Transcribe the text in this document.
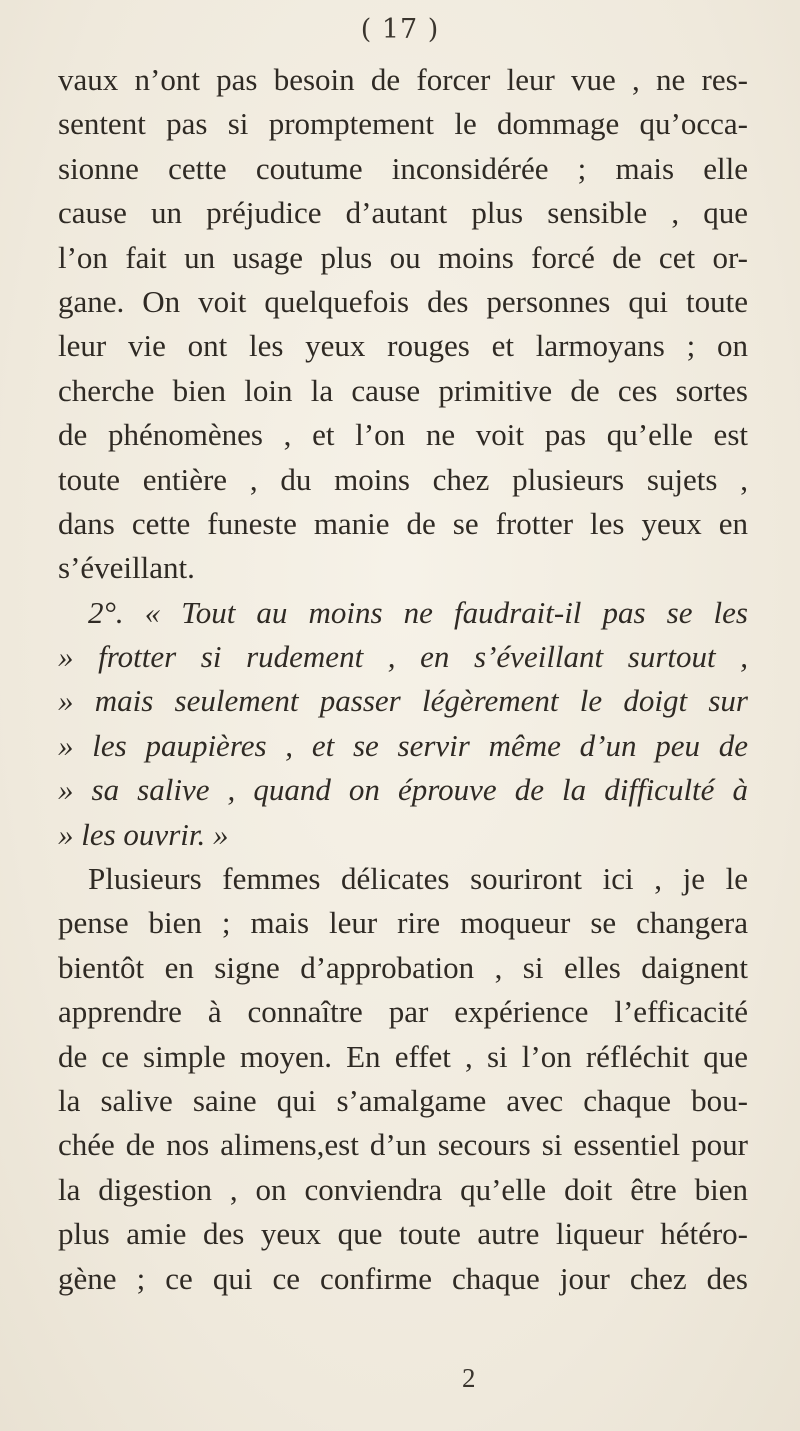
( 17 )
vaux n’ont pas besoin de forcer leur vue , ne res-
sentent pas si promptement le dommage qu’occa-
sionne cette coutume inconsidérée ; mais elle
cause un préjudice d’autant plus sensible , que
l’on fait un usage plus ou moins forcé de cet or-
gane. On voit quelquefois des personnes qui toute
leur vie ont les yeux rouges et larmoyans ; on
cherche bien loin la cause primitive de ces sortes
de phénomènes , et l’on ne voit pas qu’elle est
toute entière , du moins chez plusieurs sujets ,
dans cette funeste manie de se frotter les yeux en
s’éveillant.
2°. « Tout au moins ne faudrait-il pas se les
» frotter si rudement , en s’éveillant surtout ,
» mais seulement passer légèrement le doigt sur
» les paupières , et se servir même d’un peu de
» sa salive , quand on éprouve de la difficulté à
» les ouvrir. »
Plusieurs femmes délicates souriront ici , je le
pense bien ; mais leur rire moqueur se changera
bientôt en signe d’approbation , si elles daignent
apprendre à connaître par expérience l’efficacité
de ce simple moyen. En effet , si l’on réfléchit que
la salive saine qui s’amalgame avec chaque bou-
chée de nos alimens,est d’un secours si essentiel pour
la digestion , on conviendra qu’elle doit être bien
plus amie des yeux que toute autre liqueur hétéro-
gène ; ce qui ce confirme chaque jour chez des
2
